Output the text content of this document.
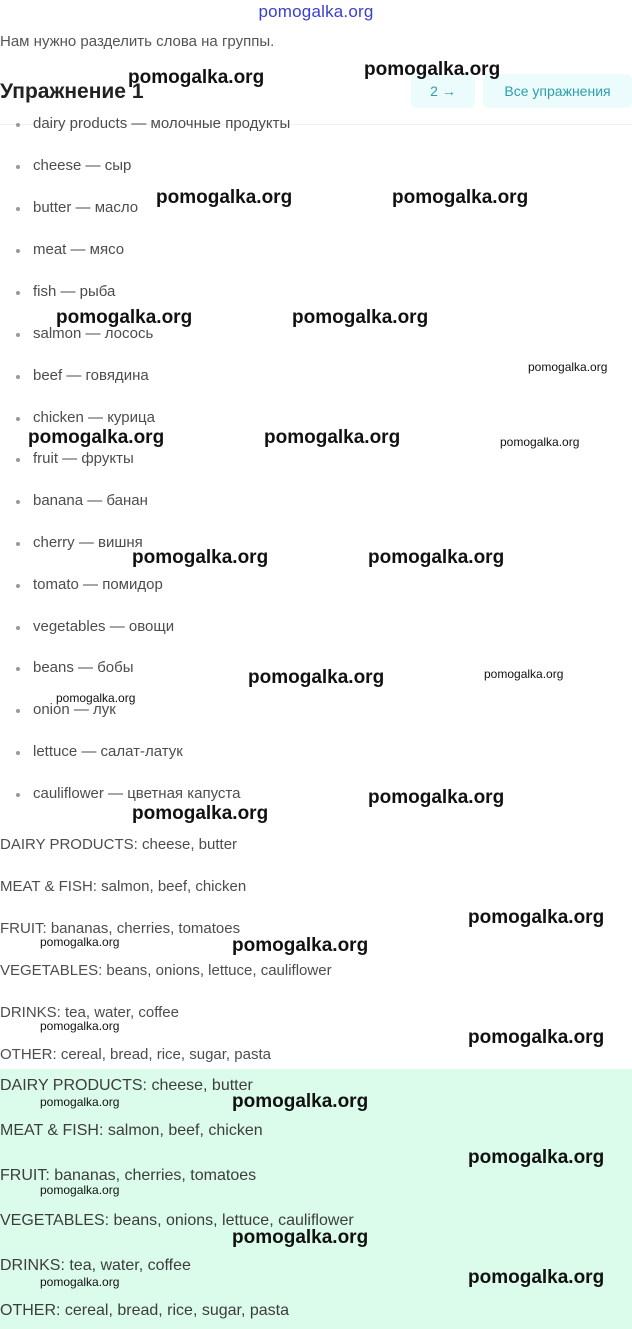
pomogalka.org
Нам нужно разделить слова на группы.
Упражнение 1	2 →	Все упражнения
dairy products — молочные продукты
cheese — сыр
butter — масло
meat — мясо
fish — рыба
salmon — лосось
beef — говядина
chicken — курица
fruit — фрукты
banana — банан
cherry — вишня
tomato — помидор
vegetables — овощи
beans — бобы
onion — лук
lettuce — салат-латук
cauliflower — цветная капуста
DAIRY PRODUCTS: cheese, butter
MEAT & FISH: salmon, beef, chicken
FRUIT: bananas, cherries, tomatoes
VEGETABLES: beans, onions, lettuce, cauliflower
DRINKS: tea, water, coffee
OTHER: cereal, bread, rice, sugar, pasta
DAIRY PRODUCTS: cheese, butter
MEAT & FISH: salmon, beef, chicken
FRUIT: bananas, cherries, tomatoes
VEGETABLES: beans, onions, lettuce, cauliflower
DRINKS: tea, water, coffee
OTHER: cereal, bread, rice, sugar, pasta
pomogalka.org	pomogalka.org
pomogalka.org	pomogalka.org
pomogalka.org	pomogalka.org
pomogalka.org
pomogalka.org	pomogalka.org	pomogalka.org
pomogalka.org	pomogalka.org
pomogalka.org	pomogalka.org
pomogalka.org
pomogalka.org
pomogalka.org
pomogalka.org
pomogalka.org	pomogalka.org
pomogalka.org
pomogalka.org
pomogalka.org	pomogalka.org
pomogalka.org
pomogalka.org
pomogalka.org
pomogalka.org
pomogalka.org
